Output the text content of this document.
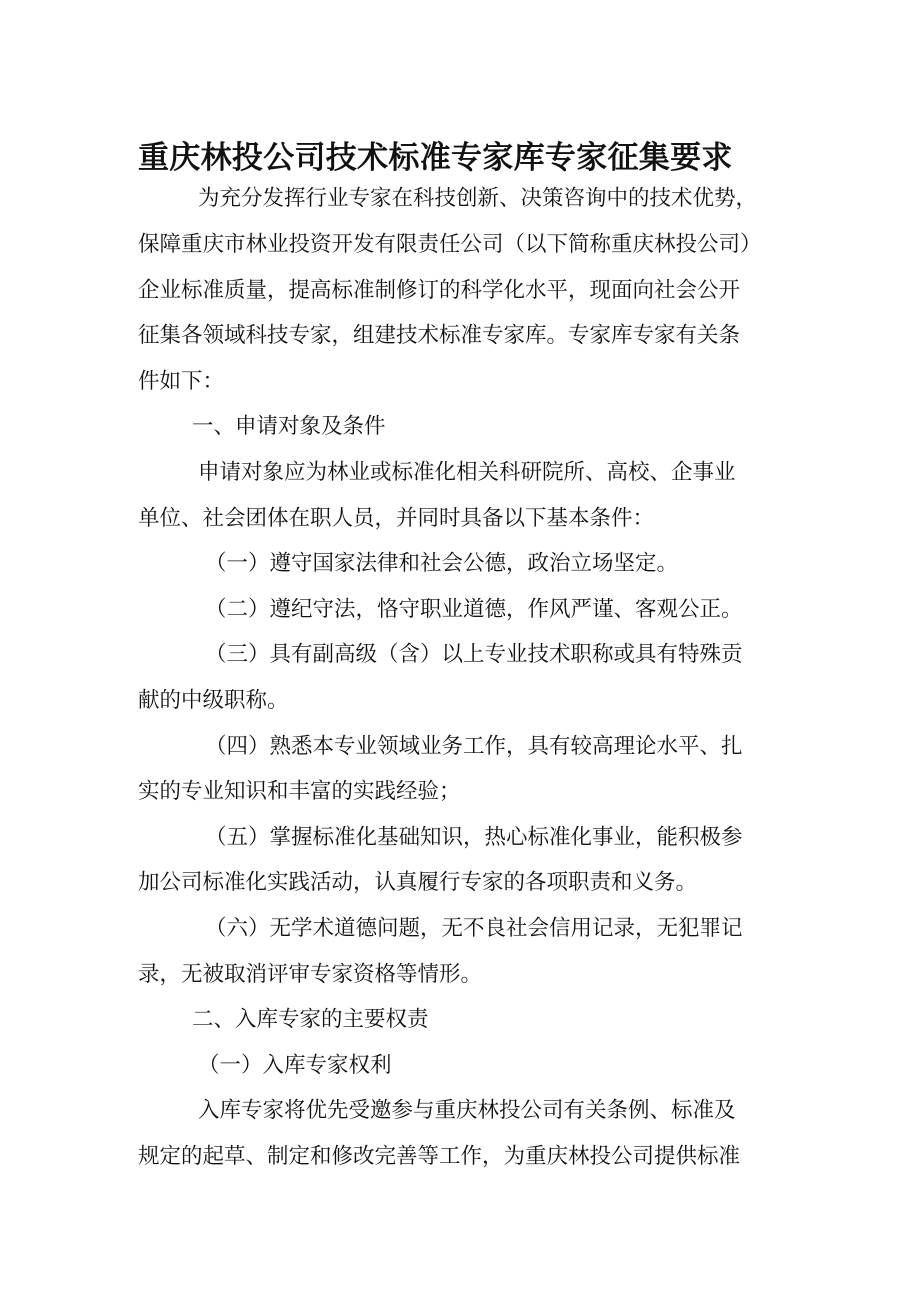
重庆林投公司技术标准专家库专家征集要求

为充分发挥行业专家在科技创新、决策咨询中的技术优势，

保障重庆市林业投资开发有限责任公司（以下简称重庆林投公司）

企业标准质量，提高标准制修订的科学化水平，现面向社会公开

征集各领域科技专家，组建技术标准专家库。专家库专家有关条

件如下：

一、申请对象及条件

申请对象应为林业或标准化相关科研院所、高校、企事业

单位、社会团体在职人员，并同时具备以下基本条件：

（一）遵守国家法律和社会公德，政治立场坚定。

（二）遵纪守法，恪守职业道德，作风严谨、客观公正。

（三）具有副高级（含）以上专业技术职称或具有特殊贡

献的中级职称。

（四）熟悉本专业领域业务工作，具有较高理论水平、扎

实的专业知识和丰富的实践经验；

（五）掌握标准化基础知识，热心标准化事业，能积极参

加公司标准化实践活动，认真履行专家的各项职责和义务。

（六）无学术道德问题，无不良社会信用记录，无犯罪记

录，无被取消评审专家资格等情形。

二、入库专家的主要权责

（一）入库专家权利

入库专家将优先受邀参与重庆林投公司有关条例、标准及

规定的起草、制定和修改完善等工作，为重庆林投公司提供标准
